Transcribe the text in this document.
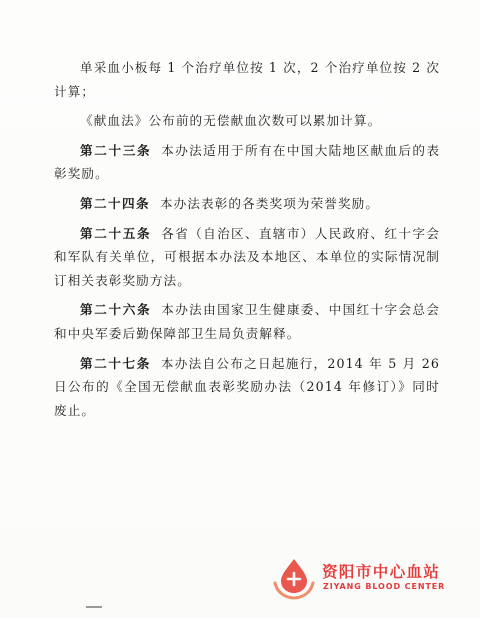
单采血小板每 1 个治疗单位按 1 次，2 个治疗单位按 2 次计算；

《献血法》公布前的无偿献血次数可以累加计算。

第二十三条 本办法适用于所有在中国大陆地区献血后的表彰奖励。

第二十四条 本办法表彰的各类奖项为荣誉奖励。

第二十五条 各省（自治区、直辖市）人民政府、红十字会和军队有关单位，可根据本办法及本地区、本单位的实际情况制订相关表彰奖励方法。

第二十六条 本办法由国家卫生健康委、中国红十字会总会和中央军委后勤保障部卫生局负责解释。

第二十七条 本办法自公布之日起施行，2014 年 5 月 26 日公布的《全国无偿献血表彰奖励办法（2014 年修订）》同时废止。

资阳市中心血站
ZIYANG BLOOD CENTER
